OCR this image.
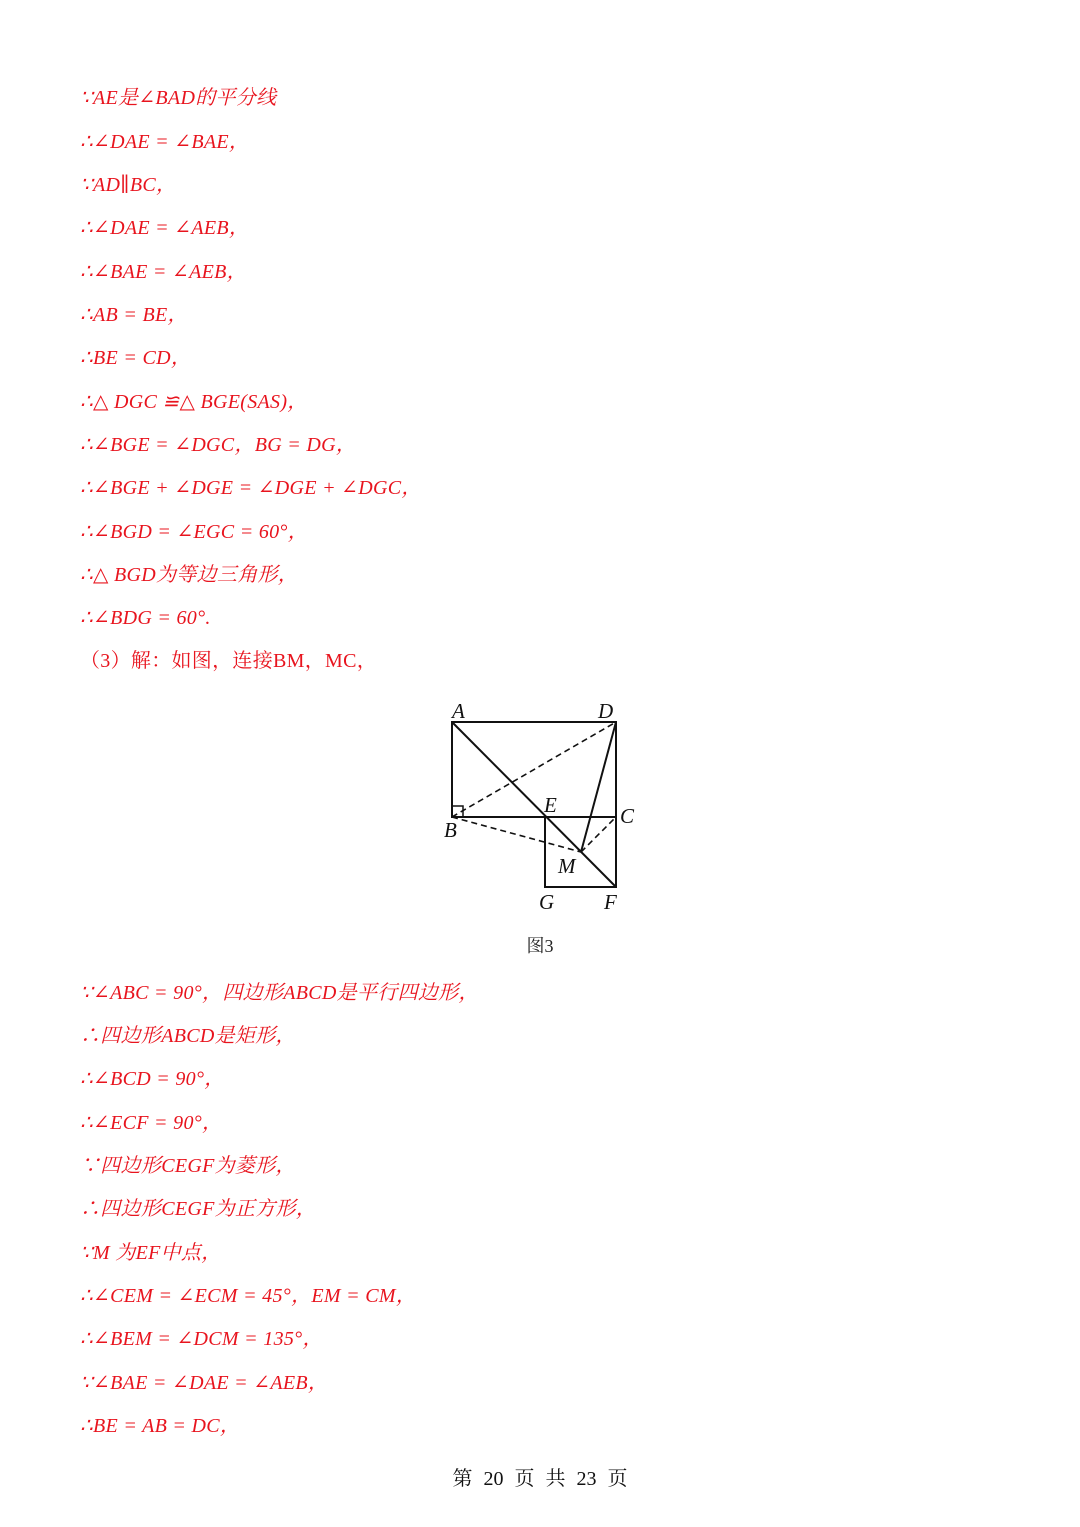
∵AE是∠BAD的平分线
∴∠DAE = ∠BAE，
∵AD∥BC，
∴∠DAE = ∠AEB，
∴∠BAE = ∠AEB，
∴AB = BE，
∴BE = CD，
∴△ DGC ≌△ BGE(SAS)，
∴∠BGE = ∠DGC，BG = DG，
∴∠BGE + ∠DGE = ∠DGE + ∠DGC，
∴∠BGD = ∠EGC = 60°，
∴△ BGD为等边三角形，
∴∠BDG = 60°.
（3）解：如图，连接BM，MC，
A	D
E	C
B
M
G F
图3
∵∠ABC = 90°，四边形ABCD是平行四边形，
∴四边形ABCD是矩形，
∴∠BCD = 90°，
∴∠ECF = 90°，
∵四边形CEGF为菱形，
∴四边形CEGF为正方形，
∵M 为EF中点，
∴∠CEM = ∠ECM = 45°，EM = CM，
∴∠BEM = ∠DCM = 135°，
∵∠BAE = ∠DAE = ∠AEB，
∴BE = AB = DC，
第 20 页 共 23 页
